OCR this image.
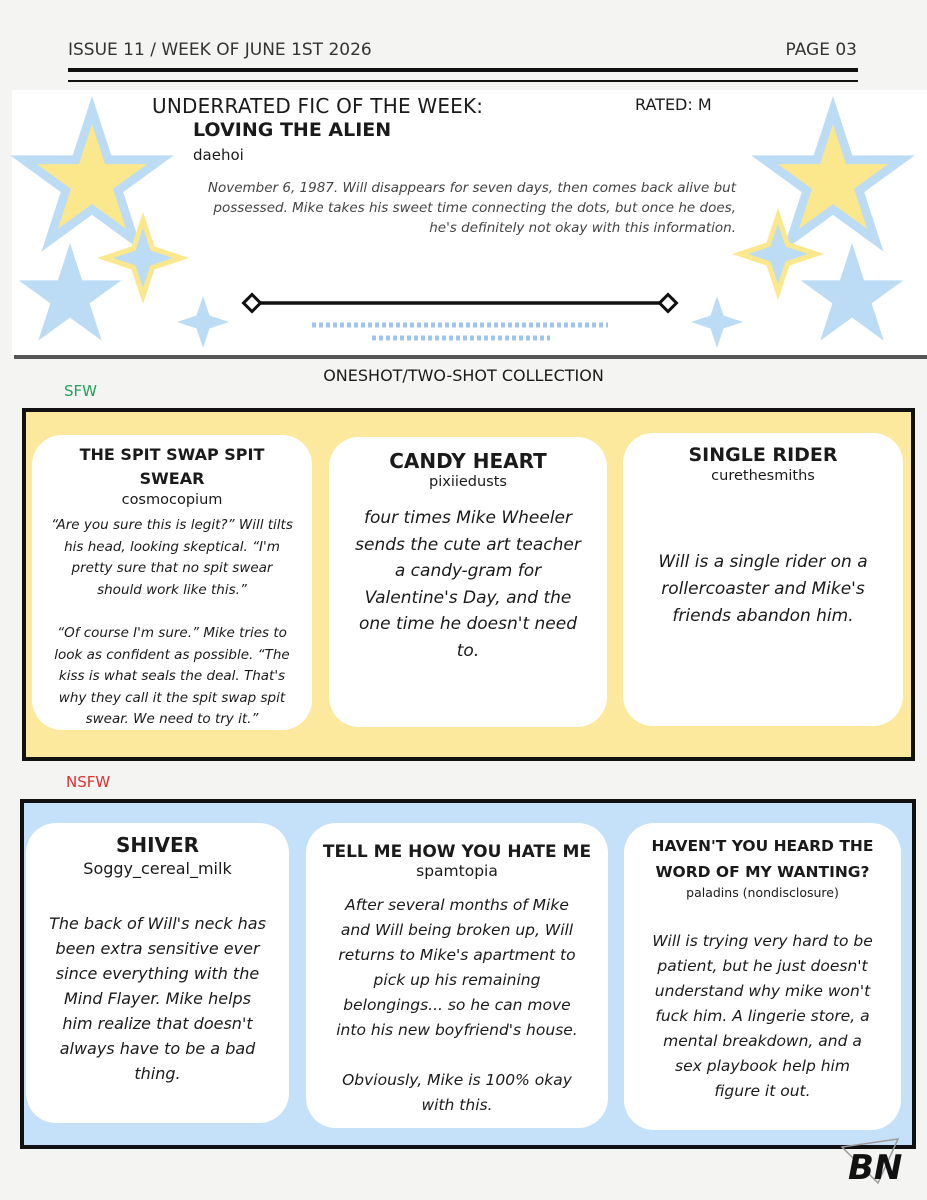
ISSUE 11 / WEEK OF JUNE 1ST 2026	PAGE 03
UNDERRATED FIC OF THE WEEK:	RATED: M
LOVING THE ALIEN
daehoi
November 6, 1987. Will disappears for seven days, then comes back alive but
possessed. Mike takes his sweet time connecting the dots, but once he does,
he's definitely not okay with this information.
ONESHOT/TWO-SHOT COLLECTION
SFW
THE SPIT SWAP SPIT
SWEAR
cosmocopium
“Are you sure this is legit?” Will tilts
his head, looking skeptical. “I'm
pretty sure that no spit swear
should work like this.”
“Of course I'm sure.” Mike tries to
look as confident as possible. “The
kiss is what seals the deal. That's
why they call it the spit swap spit
swear. We need to try it.”
CANDY HEART
pixiiedusts
four times Mike Wheeler
sends the cute art teacher
a candy-gram for
Valentine's Day, and the
one time he doesn't need
to.
SINGLE RIDER
curethesmiths
Will is a single rider on a
rollercoaster and Mike's
friends abandon him.
NSFW
SHIVER
Soggy_cereal_milk
The back of Will's neck has
been extra sensitive ever
since everything with the
Mind Flayer. Mike helps
him realize that doesn't
always have to be a bad
thing.
TELL ME HOW YOU HATE ME
spamtopia
After several months of Mike
and Will being broken up, Will
returns to Mike's apartment to
pick up his remaining
belongings... so he can move
into his new boyfriend's house.
Obviously, Mike is 100% okay
with this.
HAVEN'T YOU HEARD THE
WORD OF MY WANTING?
paladins (nondisclosure)
Will is trying very hard to be
patient, but he just doesn't
understand why mike won't
fuck him. A lingerie store, a
mental breakdown, and a
sex playbook help him
figure it out.
BN
